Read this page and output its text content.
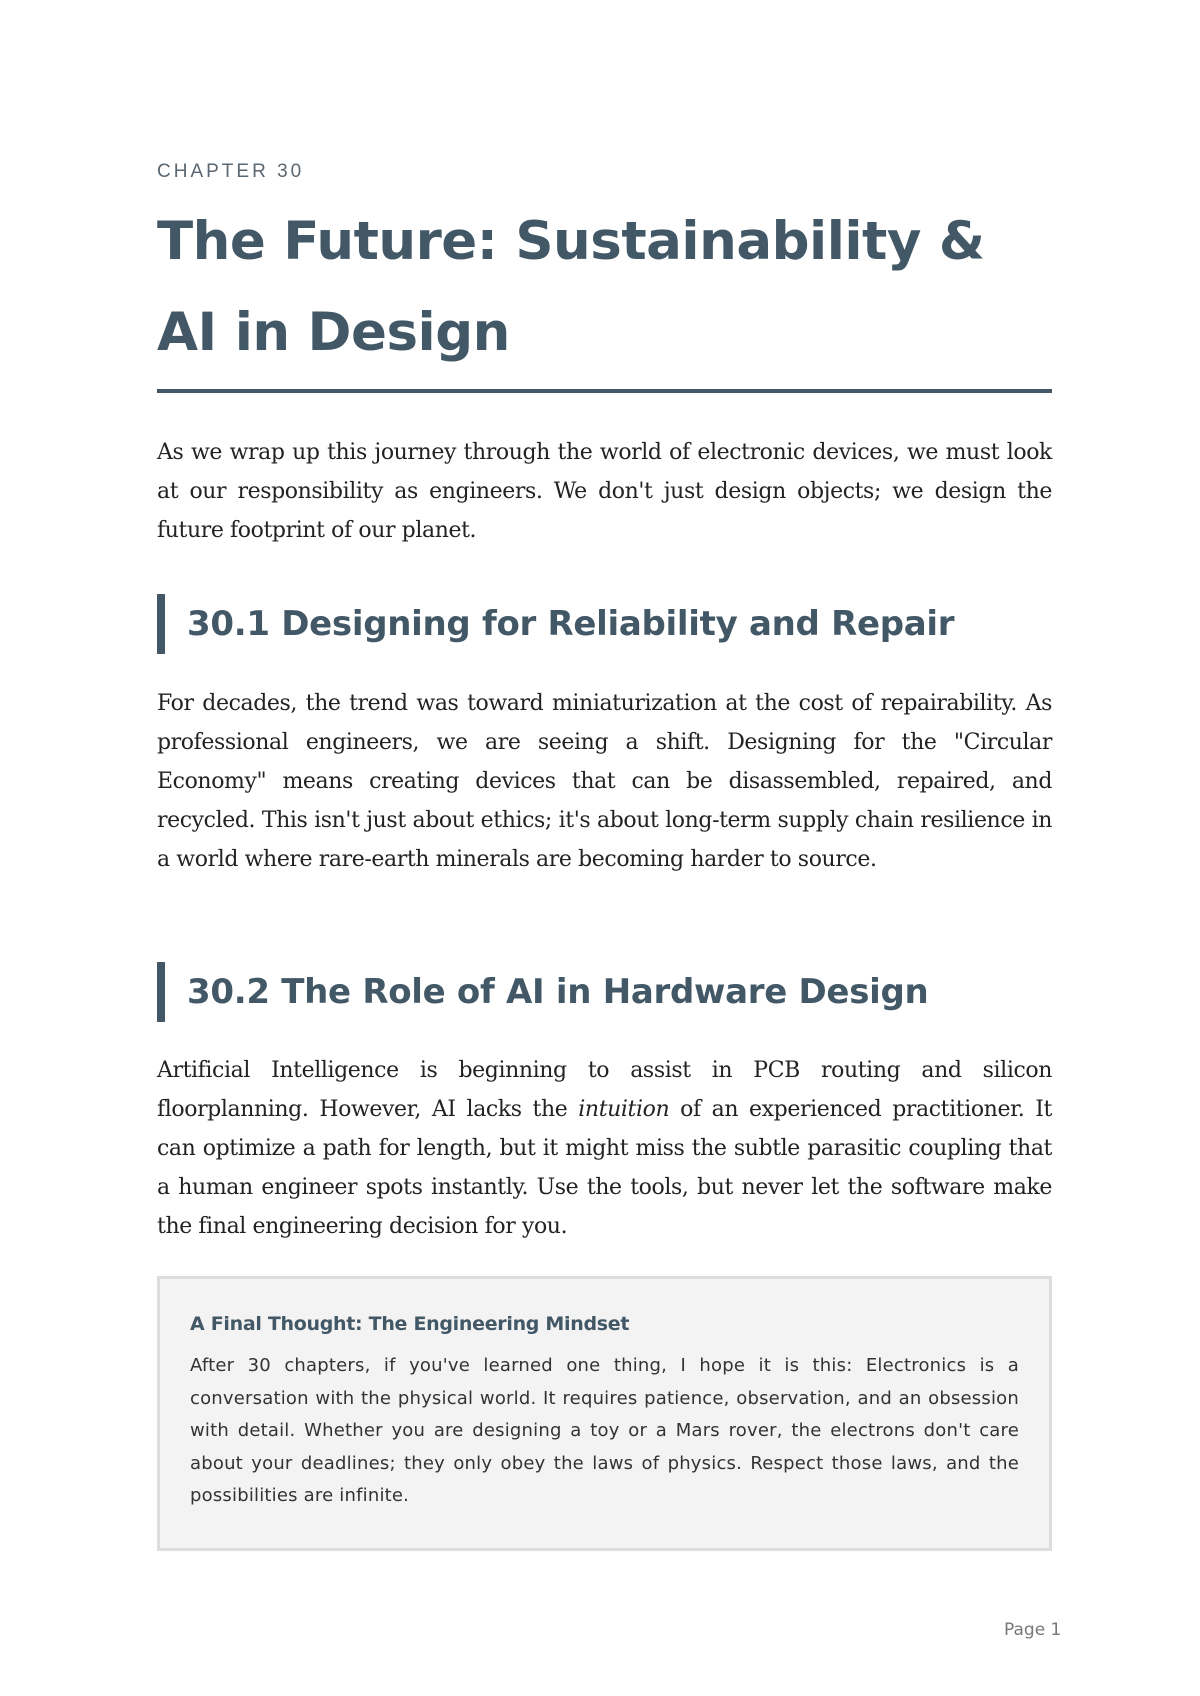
CHAPTER 30
The Future: Sustainability & AI in Design

As we wrap up this journey through the world of electronic devices, we must look at our responsibility as engineers. We don't just design objects; we design the future footprint of our planet.

30.1 Designing for Reliability and Repair

For decades, the trend was toward miniaturization at the cost of repairability. As professional engineers, we are seeing a shift. Designing for the "Circular Economy" means creating devices that can be disassembled, repaired, and recycled. This isn't just about ethics; it's about long-term supply chain resilience in a world where rare-earth minerals are becoming harder to source.

30.2 The Role of AI in Hardware Design

Artificial Intelligence is beginning to assist in PCB routing and silicon floorplanning. However, AI lacks the intuition of an experienced practitioner. It can optimize a path for length, but it might miss the subtle parasitic coupling that a human engineer spots instantly. Use the tools, but never let the software make the final engineering decision for you.

A Final Thought: The Engineering Mindset

After 30 chapters, if you've learned one thing, I hope it is this: Electronics is a conversation with the physical world. It requires patience, observation, and an obsession with detail. Whether you are designing a toy or a Mars rover, the electrons don't care about your deadlines; they only obey the laws of physics. Respect those laws, and the possibilities are infinite.

Page 1
